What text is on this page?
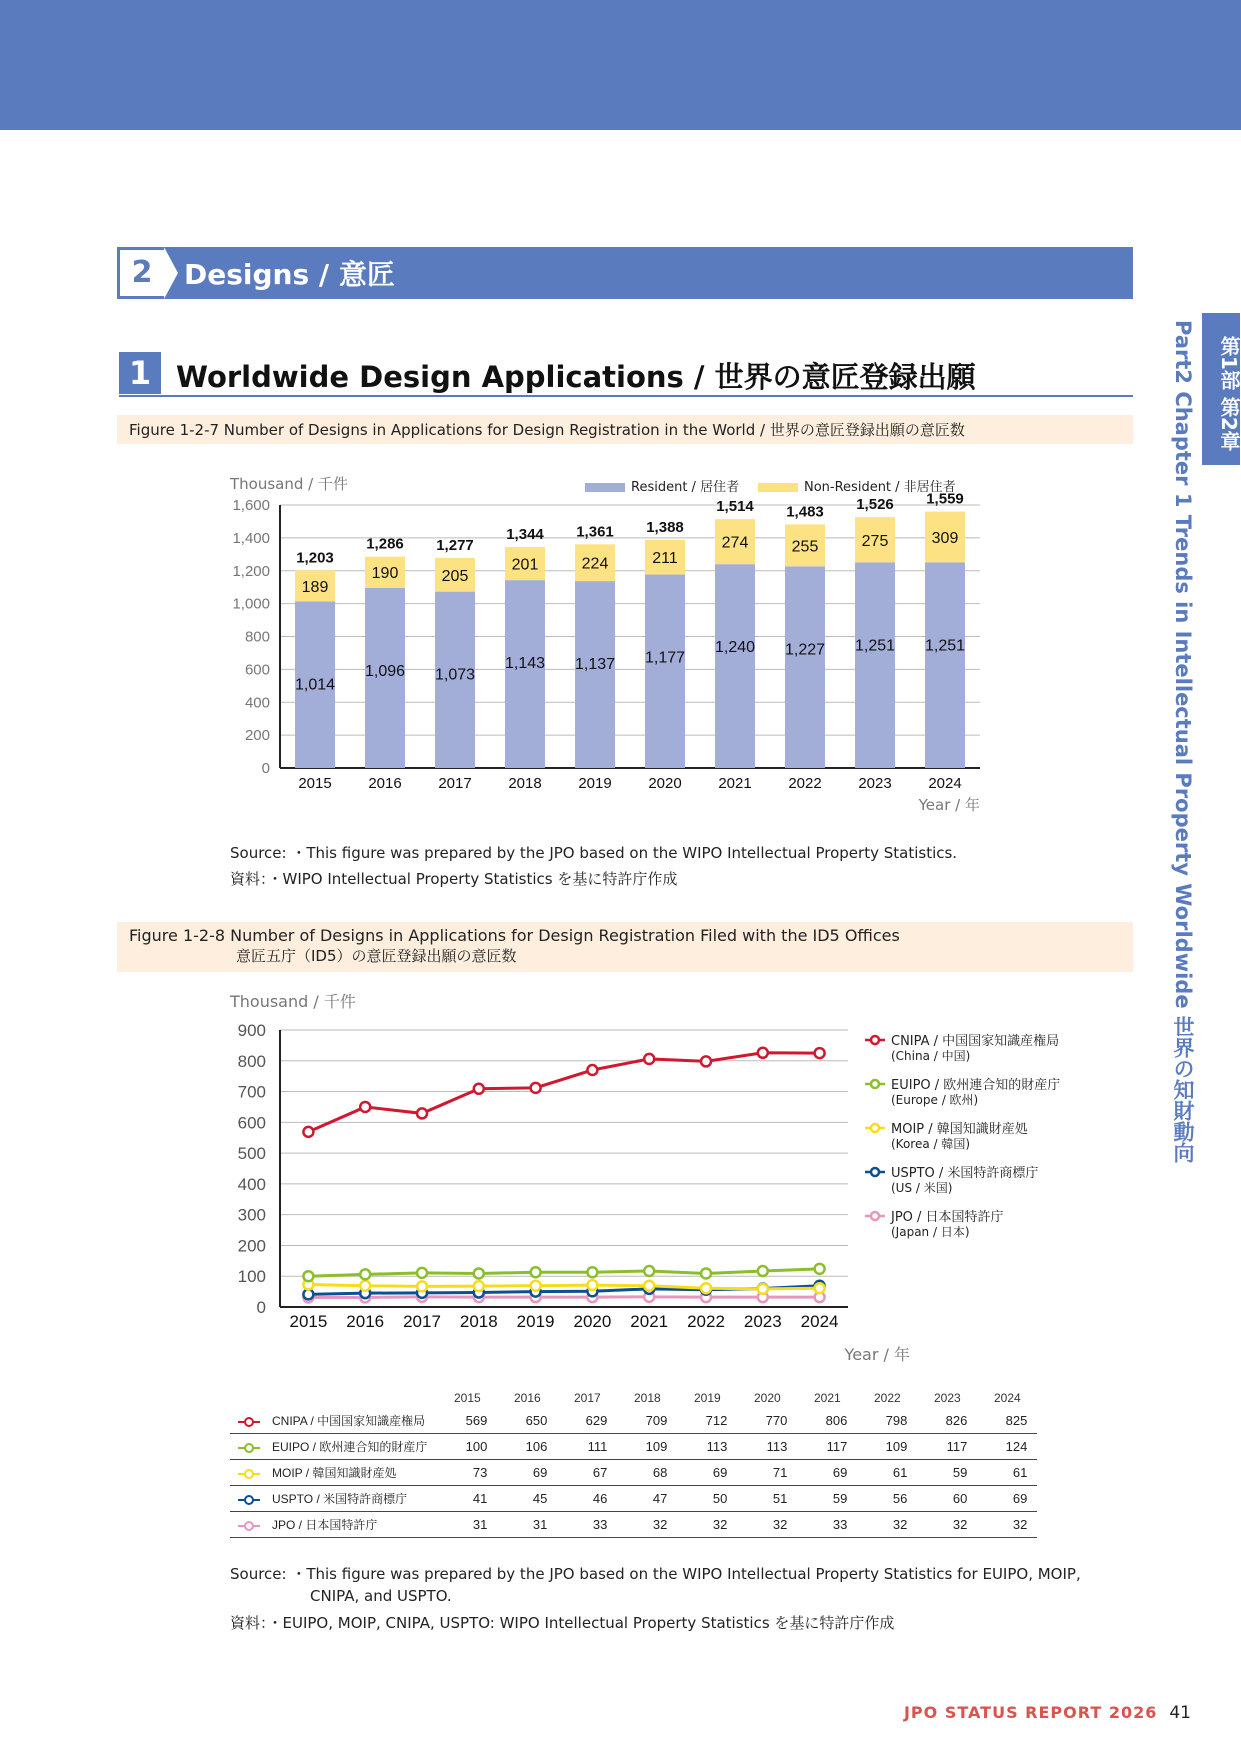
2	Designs / 意匠
1 Worldwide Design Applications / 世界の意匠登録出願
Figure 1-2-7 Number of Designs in Applications for Design Registration in the World / 世界の意匠登録出願の意匠数
Thousand / 千件
0
200
400
600
800
1,000
1,200
1,400
1,600
1,014
189
1,203
2015
1,096
190
1,286
2016
1,073
205
1,277
2017
1,143
201
1,344
2018
1,137
224
1,361
2019
1,177
211
1,388
2020
1,240
274
1,514
2021
1,227
255
1,483
2022
1,251
275
1,526
2023
1,251
309
1,559
2024
Year / 年
Resident / 居住者	Non-Resident / 非居住者
Source: ・This figure was prepared by the JPO based on the WIPO Intellectual Property Statistics.
資料：・WIPO Intellectual Property Statistics を基に特許庁作成
Figure 1-2-8 Number of Designs in Applications for Design Registration Filed with the ID5 Offices
意匠五庁（ID5）の意匠登録出願の意匠数
Thousand / 千件
0
100
200
300
400
500
600
700
800
900
2015 2016 2017 2018 2019 2020 2021 2022 2023 2024
Year / 年
CNIPA / 中国国家知識産権局
(China / 中国)
EUIPO / 欧州連合知的財産庁
(Europe / 欧州)
MOIP / 韓国知識財産処
(Korea / 韓国)
USPTO / 米国特許商標庁
(US / 米国)
JPO / 日本国特許庁
(Japan / 日本)
	2015	2016	2017	2018	2019	2020	2021	2022	2023	2024
CNIPA / 中国国家知識産権局	569	650	629	709	712	770	806	798	826	825
EUIPO / 欧州連合知的財産庁	100	106	111	109	113	113	117	109	117	124
MOIP / 韓国知識財産処	73	69	67	68	69	71	69	61	59	61
USPTO / 米国特許商標庁	41	45	46	47	50	51	59	56	60	69
JPO / 日本国特許庁	31	31	33	32	32	32	33	32	32	32
Source: ・This figure was prepared by the JPO based on the WIPO Intellectual Property Statistics for EUIPO, MOIP,
CNIPA, and USPTO.
資料：・EUIPO, MOIP, CNIPA, USPTO: WIPO Intellectual Property Statistics を基に特許庁作成
第1部 第2章
Part2 Chapter 1 Trends in Intellectual Property Worldwide 世界の知財動向
JPO STATUS REPORT 2026 41
